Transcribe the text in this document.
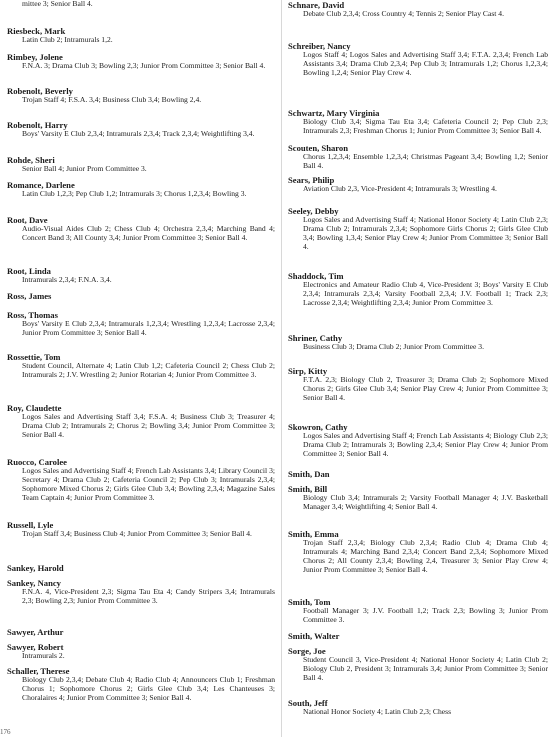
mittee 3; Senior Ball 4.

Riesbeck, Mark

Latin Club 2; Intramurals 1,2.

Rimbey, Jolene

F.N.A. 3; Drama Club 3; Bowling 2,3; Junior Prom Committee 3; Senior Ball 4.

Robenolt, Beverly

Trojan Staff 4; F.S.A. 3,4; Business Club 3,4; Bowling 2,4.

Robenolt, Harry

Boys' Varsity E Club 2,3,4; Intramurals 2,3,4; Track 2,3,4; Weightlifting 3,4.

Rohde, Sheri

Senior Ball 4; Junior Prom Committee 3.

Romance, Darlene

Latin Club 1,2,3; Pep Club 1,2; Intramurals 3; Chorus 1,2,3,4; Bowling 3.

Root, Dave

Audio-Visual Aides Club 2; Chess Club 4; Orchestra 2,3,4; Marching Band 4; Concert Band 3; All County 3,4; Junior Prom Committee 3; Senior Ball 4.

Root, Linda

Intramurals 2,3,4; F.N.A. 3,4.

Ross, James

Ross, Thomas

Boys' Varsity E Club 2,3,4; Intramurals 1,2,3,4; Wrestling 1,2,3,4; Lacrosse 2,3,4; Junior Prom Committee 3; Senior Ball 4.

Rossettie, Tom

Student Council, Alternate 4; Latin Club 1,2; Cafeteria Council 2; Chess Club 2; Intramurals 2; J.V. Wrestling 2; Junior Rotarian 4; Junior Prom Committee 3.

Roy, Claudette

Logos Sales and Advertising Staff 3,4; F.S.A. 4; Business Club 3; Treasurer 4; Drama Club 2; Intramurals 2; Chorus 2; Bowling 3,4; Junior Prom Committee 3; Senior Ball 4.

Ruocco, Carolee

Logos Sales and Advertising Staff 4; French Lab Assistants 3,4; Library Council 3; Secretary 4; Drama Club 2; Cafeteria Council 2; Pep Club 3; Intramurals 2,3,4; Sophomore Mixed Chorus 2; Girls Glee Club 3,4; Bowling 2,3,4; Magazine Sales Team Captain 4; Junior Prom Committee 3.

Russell, Lyle

Trojan Staff 3,4; Business Club 4; Junior Prom Committee 3; Senior Ball 4.

Sankey, Harold

Sankey, Nancy

F.N.A. 4, Vice-President 2,3; Sigma Tau Eta 4; Candy Stripers 3,4; Intramurals 2,3; Bowling 2,3; Junior Prom Committee 3.

Sawyer, Arthur

Sawyer, Robert

Intramurals 2.

Schaller, Therese

Biology Club 2,3,4; Debate Club 4; Radio Club 4; Announcers Club 1; Freshman Chorus 1; Sophomore Chorus 2; Girls Glee Club 3,4; Les Chanteuses 3; Choralaires 4; Junior Prom Committee 3; Senior Ball 4.

Schnare, David

Debate Club 2,3,4; Cross Country 4; Tennis 2; Senior Play Cast 4.

Schreiber, Nancy

Logos Staff 4; Logos Sales and Advertising Staff 3,4; F.T.A. 2,3,4; French Lab Assistants 3,4; Drama Club 2,3,4; Pep Club 3; Intramurals 1,2; Chorus 1,2,3,4; Bowling 1,2,4; Senior Play Crew 4.

Schwartz, Mary Virginia

Biology Club 3,4; Sigma Tau Eta 3,4; Cafeteria Council 2; Pep Club 2,3; Intramurals 2,3; Freshman Chorus 1; Junior Prom Committee 3; Senior Ball 4.

Scouten, Sharon

Chorus 1,2,3,4; Ensemble 1,2,3,4; Christmas Pageant 3,4; Bowling 1,2; Senior Ball 4.

Sears, Philip

Aviation Club 2,3, Vice-President 4; Intramurals 3; Wrestling 4.

Seeley, Debby

Logos Sales and Advertising Staff 4; National Honor Society 4; Latin Club 2,3; Drama Club 2; Intramurals 2,3,4; Sophomore Girls Chorus 2; Girls Glee Club 3,4; Bowling 1,3,4; Senior Play Crew 4; Junior Prom Committee 3; Senior Ball 4.

Shaddock, Tim

Electronics and Amateur Radio Club 4, Vice-President 3; Boys' Varsity E Club 2,3,4; Intramurals 2,3,4; Varsity Football 2,3,4; J.V. Football 1; Track 2,3; Lacrosse 2,3,4; Weightlifting 2,3,4; Junior Prom Committee 3.

Shriner, Cathy

Business Club 3; Drama Club 2; Junior Prom Committee 3.

Sirp, Kitty

F.T.A. 2,3; Biology Club 2, Treasurer 3; Drama Club 2; Sophomore Mixed Chorus 2; Girls Glee Club 3,4; Senior Play Crew 4; Junior Prom Committee 3; Senior Ball 4.

Skowron, Cathy

Logos Sales and Advertising Staff 4; French Lab Assistants 4; Biology Club 2,3; Drama Club 2; Intramurals 3; Bowling 2,3,4; Senior Play Crew 4; Junior Prom Committee 3; Senior Ball 4.

Smith, Dan

Smith, Bill

Biology Club 3,4; Intramurals 2; Varsity Football Manager 4; J.V. Basketball Manager 3,4; Weightlifting 4; Senior Ball 4.

Smith, Emma

Trojan Staff 2,3,4; Biology Club 2,3,4; Radio Club 4; Drama Club 4; Intramurals 4; Marching Band 2,3,4; Concert Band 2,3,4; Sophomore Mixed Chorus 2; All County 2,3,4; Bowling 2,4, Treasurer 3; Senior Play Crew 4; Junior Prom Committee 3; Senior Ball 4.

Smith, Tom

Football Manager 3; J.V. Football 1,2; Track 2,3; Bowling 3; Junior Prom Committee 3.

Smith, Walter

Sorge, Joe

Student Council 3, Vice-President 4; National Honor Society 4; Latin Club 2; Biology Club 2, President 3; Intramurals 3,4; Junior Prom Committee 3; Senior Ball 4.

South, Jeff

National Honor Society 4; Latin Club 2,3; Chess

176
